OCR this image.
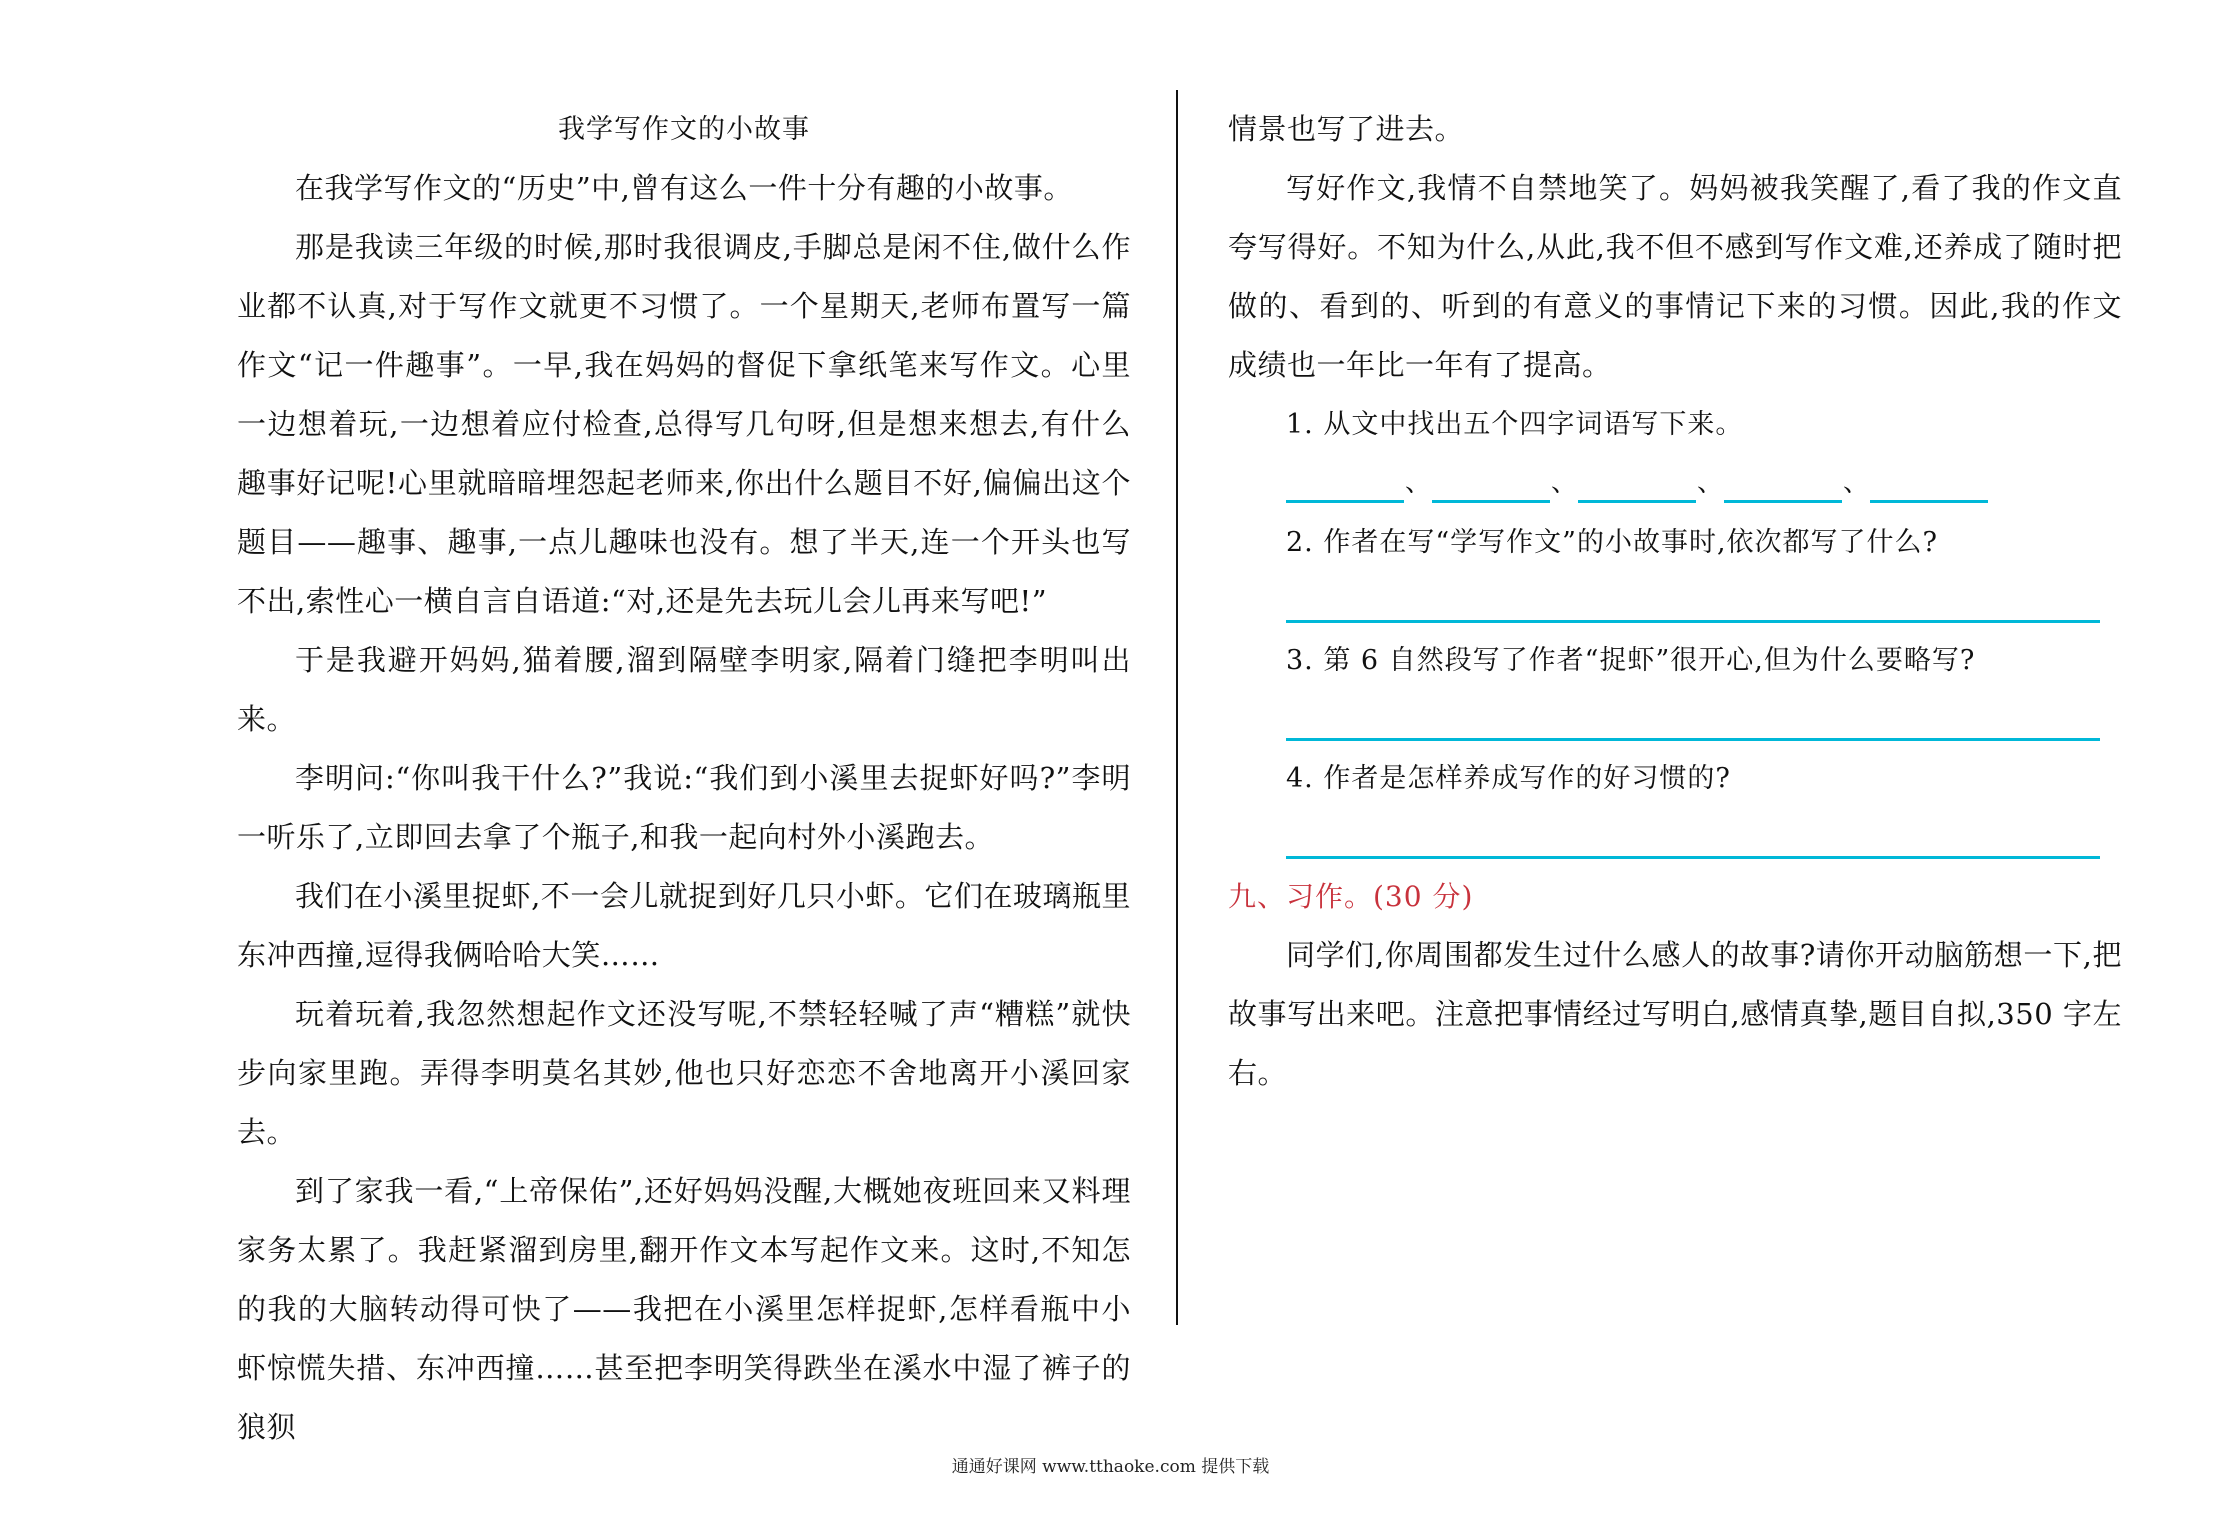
我学写作文的小故事

在我学写作文的“历史”中,曾有这么一件十分有趣的小故事。

那是我读三年级的时候,那时我很调皮,手脚总是闲不住,做什么作业都不认真,对于写作文就更不习惯了。一个星期天,老师布置写一篇作文“记一件趣事”。一早,我在妈妈的督促下拿纸笔来写作文。心里一边想着玩,一边想着应付检查,总得写几句呀,但是想来想去,有什么趣事好记呢!心里就暗暗埋怨起老师来,你出什么题目不好,偏偏出这个题目——趣事、趣事,一点儿趣味也没有。想了半天,连一个开头也写不出,索性心一横自言自语道:“对,还是先去玩儿会儿再来写吧!”

于是我避开妈妈,猫着腰,溜到隔壁李明家,隔着门缝把李明叫出来。

李明问:“你叫我干什么?”我说:“我们到小溪里去捉虾好吗?”李明一听乐了,立即回去拿了个瓶子,和我一起向村外小溪跑去。

我们在小溪里捉虾,不一会儿就捉到好几只小虾。它们在玻璃瓶里东冲西撞,逗得我俩哈哈大笑……

玩着玩着,我忽然想起作文还没写呢,不禁轻轻喊了声“糟糕”就快步向家里跑。弄得李明莫名其妙,他也只好恋恋不舍地离开小溪回家去。

到了家我一看,“上帝保佑”,还好妈妈没醒,大概她夜班回来又料理家务太累了。我赶紧溜到房里,翻开作文本写起作文来。这时,不知怎的我的大脑转动得可快了——我把在小溪里怎样捉虾,怎样看瓶中小虾惊慌失措、东冲西撞……甚至把李明笑得跌坐在溪水中湿了裤子的狼狈

情景也写了进去。

写好作文,我情不自禁地笑了。妈妈被我笑醒了,看了我的作文直夸写得好。不知为什么,从此,我不但不感到写作文难,还养成了随时把做的、看到的、听到的有意义的事情记下来的习惯。因此,我的作文成绩也一年比一年有了提高。

1. 从文中找出五个四字词语写下来。
、	、	、	、
2. 作者在写“学写作文”的小故事时,依次都写了什么?
3. 第 6 自然段写了作者“捉虾”很开心,但为什么要略写?
4. 作者是怎样养成写作的好习惯的?
九、习作。(30 分)

同学们,你周围都发生过什么感人的故事?请你开动脑筋想一下,把故事写出来吧。注意把事情经过写明白,感情真挚,题目自拟,350 字左右。

通通好课网 www.tthaoke.com 提供下载
